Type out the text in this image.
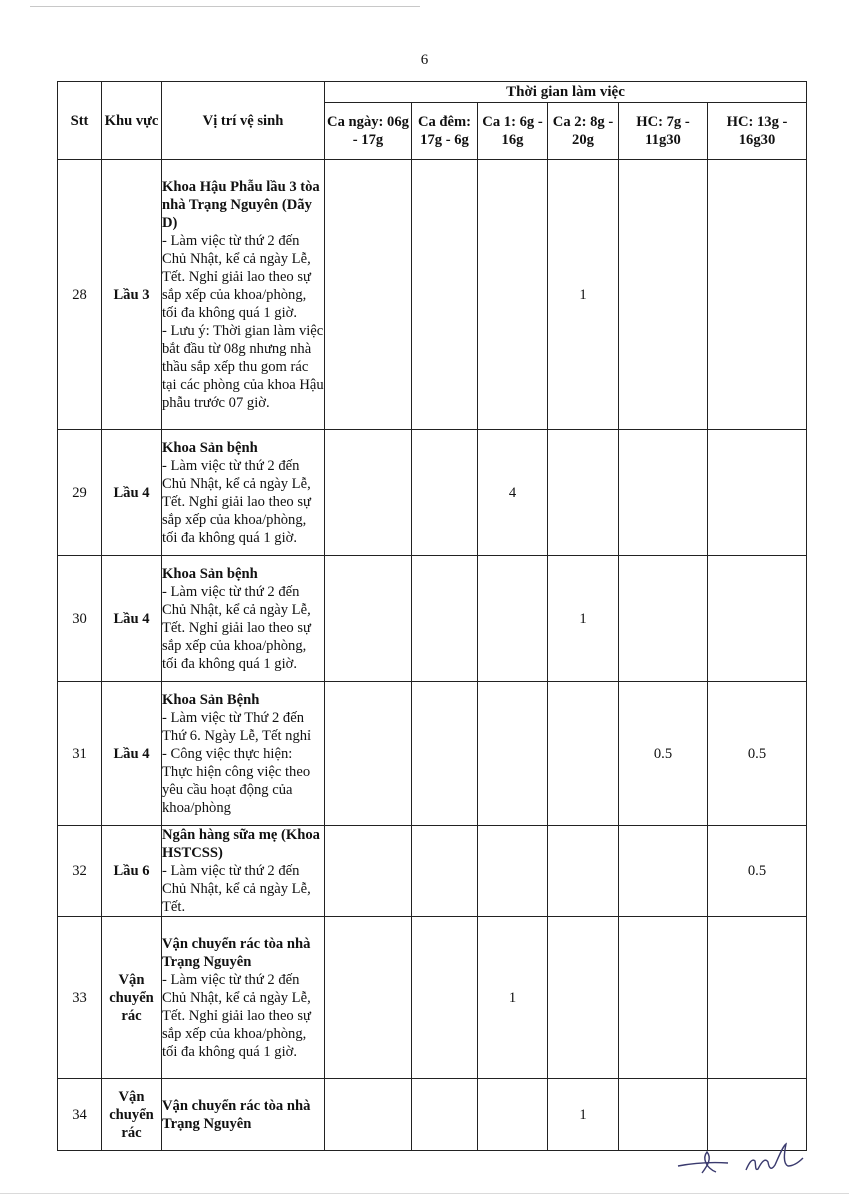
6
Stt	Khu vực	Vị trí vệ sinh	Thời gian làm việc					
			Ca ngày: 06g - 17g	Ca đêm: 17g - 6g	Ca 1: 6g - 16g	Ca 2: 8g - 20g	HC: 7g - 11g30	HC: 13g - 16g30
28	Lầu 3	Khoa Hậu Phẫu lầu 3 tòa nhà Trạng Nguyên (Dãy D)
- Làm việc từ thứ 2 đến Chủ Nhật, kể cả ngày Lễ, Tết. Nghỉ giải lao theo sự sắp xếp của khoa/phòng, tối đa không quá 1 giờ.
- Lưu ý: Thời gian làm việc bắt đầu từ 08g nhưng nhà thầu sắp xếp thu gom rác tại các phòng của khoa Hậu phẫu trước 07 giờ.				1		
29	Lầu 4	Khoa Sản bệnh
- Làm việc từ thứ 2 đến Chủ Nhật, kể cả ngày Lễ, Tết. Nghỉ giải lao theo sự sắp xếp của khoa/phòng, tối đa không quá 1 giờ.			4			
30	Lầu 4	Khoa Sản bệnh
- Làm việc từ thứ 2 đến Chủ Nhật, kể cả ngày Lễ, Tết. Nghỉ giải lao theo sự sắp xếp của khoa/phòng, tối đa không quá 1 giờ.				1		
31	Lầu 4	Khoa Sản Bệnh
- Làm việc từ Thứ 2 đến Thứ 6. Ngày Lễ, Tết nghỉ
- Công việc thực hiện: Thực hiện công việc theo yêu cầu hoạt động của khoa/phòng					0.5	0.5
32	Lầu 6	Ngân hàng sữa mẹ (Khoa HSTCSS)
- Làm việc từ thứ 2 đến Chủ Nhật, kể cả ngày Lễ, Tết.						0.5
33	Vận chuyển rác	Vận chuyển rác tòa nhà Trạng Nguyên
- Làm việc từ thứ 2 đến Chủ Nhật, kể cả ngày Lễ, Tết. Nghỉ giải lao theo sự sắp xếp của khoa/phòng, tối đa không quá 1 giờ.			1			
34	Vận chuyển rác	Vận chuyển rác tòa nhà Trạng Nguyên				1		
